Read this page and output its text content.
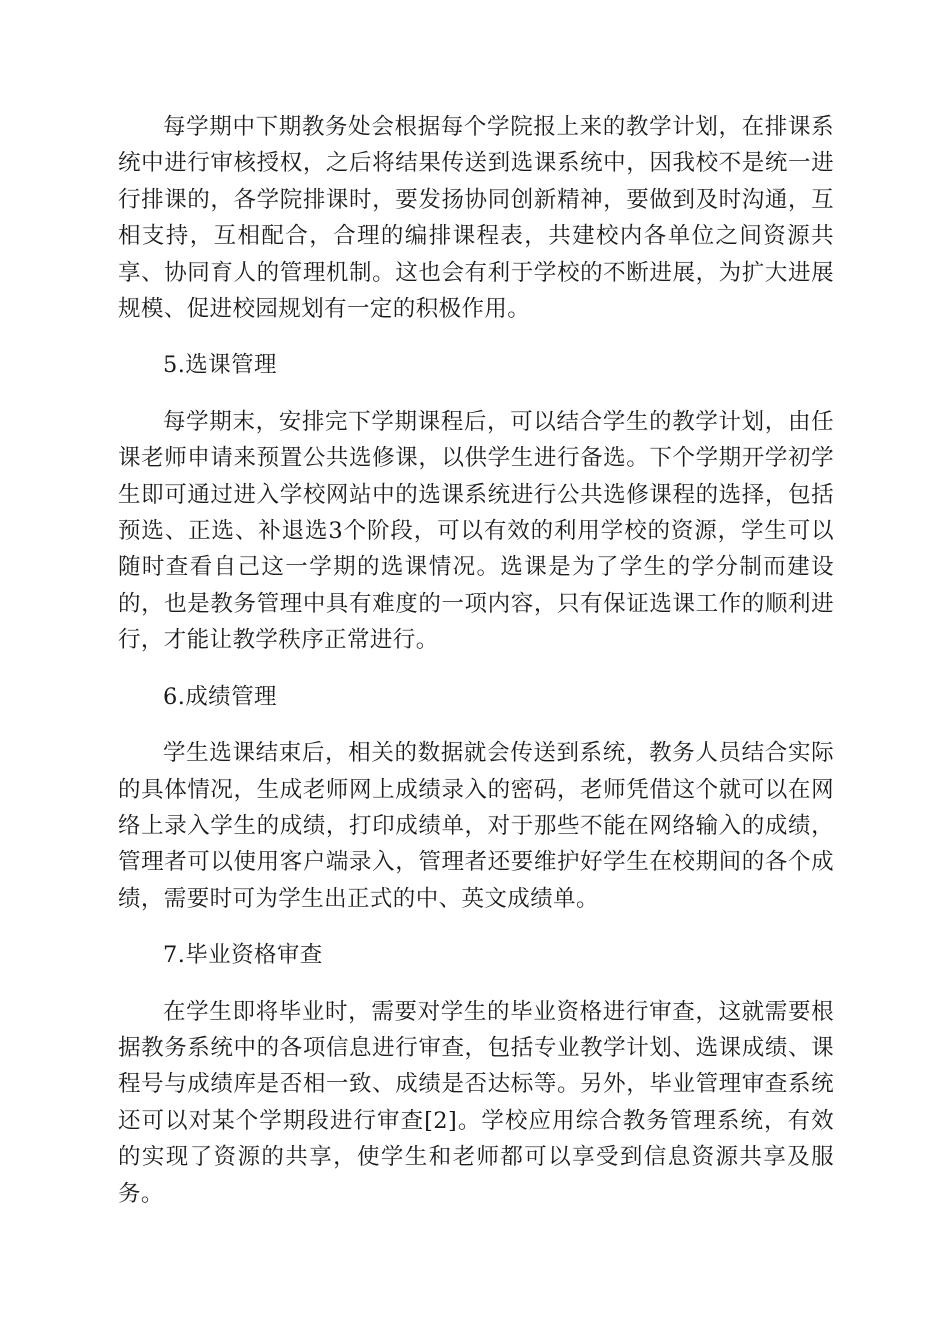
每学期中下期教务处会根据每个学院报上来的教学计划，在排课系统中进行审核授权，之后将结果传送到选课系统中，因我校不是统一进行排课的，各学院排课时，要发扬协同创新精神，要做到及时沟通，互相支持，互相配合，合理的编排课程表，共建校内各单位之间资源共享、协同育人的管理机制。这也会有利于学校的不断进展，为扩大进展规模、促进校园规划有一定的积极作用。

5.选课管理

每学期末，安排完下学期课程后，可以结合学生的教学计划，由任课老师申请来预置公共选修课，以供学生进行备选。下个学期开学初学生即可通过进入学校网站中的选课系统进行公共选修课程的选择，包括预选、正选、补退选3个阶段，可以有效的利用学校的资源，学生可以随时查看自己这一学期的选课情况。选课是为了学生的学分制而建设的，也是教务管理中具有难度的一项内容，只有保证选课工作的顺利进行，才能让教学秩序正常进行。

6.成绩管理

学生选课结束后，相关的数据就会传送到系统，教务人员结合实际的具体情况，生成老师网上成绩录入的密码，老师凭借这个就可以在网络上录入学生的成绩，打印成绩单，对于那些不能在网络输入的成绩，管理者可以使用客户端录入，管理者还要维护好学生在校期间的各个成绩，需要时可为学生出正式的中、英文成绩单。

7.毕业资格审查

在学生即将毕业时，需要对学生的毕业资格进行审查，这就需要根据教务系统中的各项信息进行审查，包括专业教学计划、选课成绩、课程号与成绩库是否相一致、成绩是否达标等。另外，毕业管理审查系统还可以对某个学期段进行审查[2]。学校应用综合教务管理系统，有效的实现了资源的共享，使学生和老师都可以享受到信息资源共享及服务。
